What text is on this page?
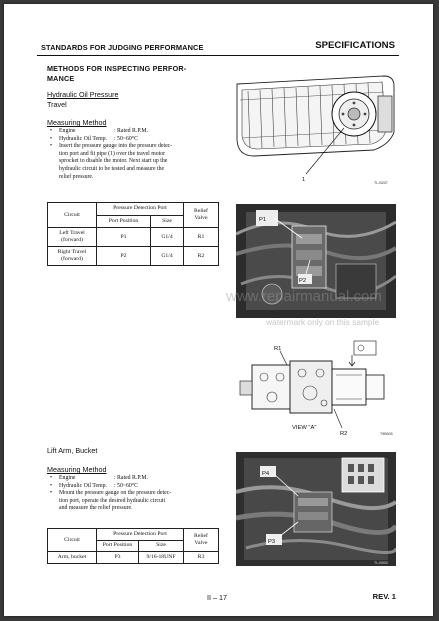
STANDARDS FOR JUDGING PERFORMANCE	SPECIFICATIONS
METHODS FOR INSPECTING PERFOR-
MANCE
Hydraulic Oil Pressure
Travel
Measuring Method
• Engine	: Rated R.P.M.
• Hydraulic Oil Temp. : 50~60°C
• Insert the pressure gauge into the pressure detec-
tion port and fit pipe (1) over the travel motor
sprocket to disable the motor. Next start up the
hydraulic circuit to be tested and measure the
relief pressure.
Circuit	Pressure Detection Port		Relief
Valve

	Port Position	Size	

Left Travel
(forward)	P1	G1/4	R1

Right Travel
(forward)	P2	G1/4	R2
Lift Arm, Bucket
Measuring Method
• Engine	: Rated R.P.M.
• Hydraulic Oil Temp. : 50~60°C
• Mount the pressure gauge on the pressure detec-
tion port, operate the desired hydraulic circuit
and measure the relief pressure.
Circuit	Pressure Detection Port		Relief
Valve

	Port Position	Size	
Arm, bucket	P3	9/16-18UNF	R3
1	TL-B207
P1
P2
R1
VIEW "A"
R2	T9B605
P4
P3
TL-B900
www.repairmanual.com
watermark only on this sample
II – 17	REV. 1
